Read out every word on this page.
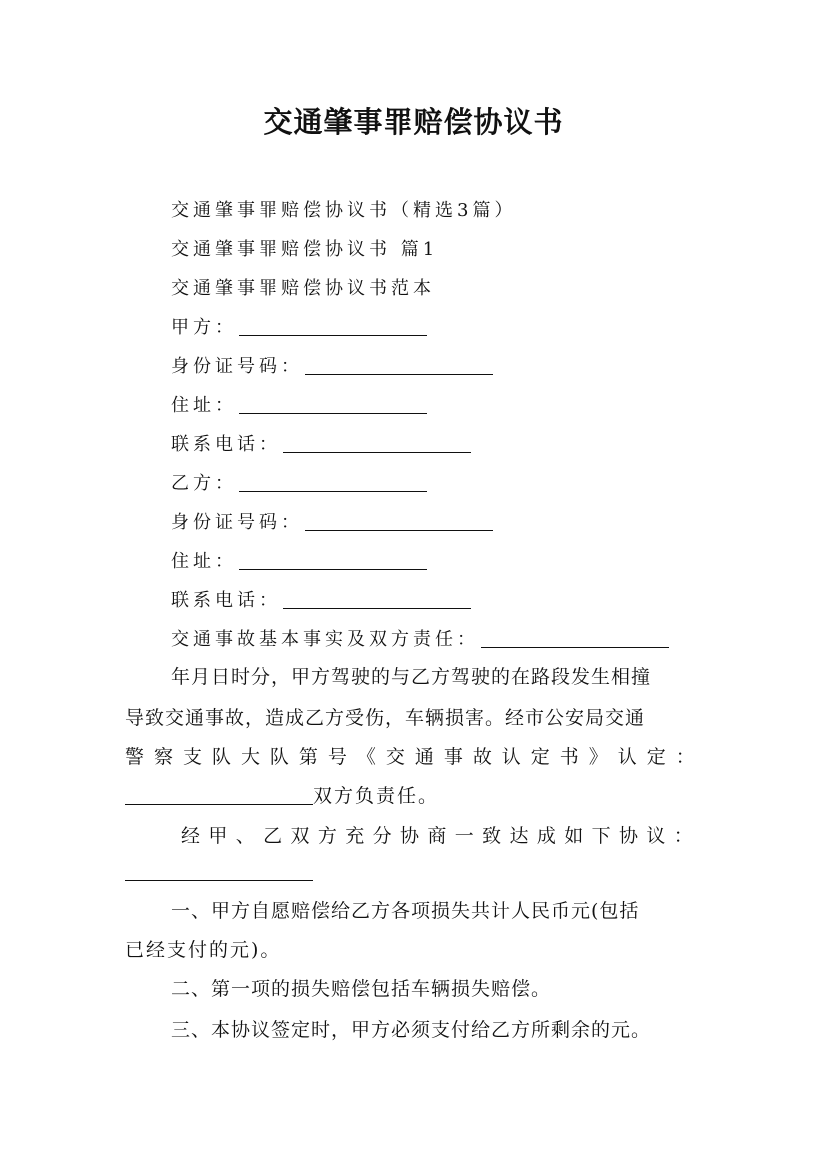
交通肇事罪赔偿协议书
交通肇事罪赔偿协议书（精选3篇）
交通肇事罪赔偿协议书 篇1
交通肇事罪赔偿协议书范本
甲方：
身份证号码：
住址：
联系电话：
乙方：
身份证号码：
住址：
联系电话：
交通事故基本事实及双方责任：
年月日时分，甲方驾驶的与乙方驾驶的在路段发生相撞
导致交通事故，造成乙方受伤，车辆损害。经市公安局交通
警 察 支 队 大 队 第 号 《 交 通 事 故 认 定 书 》 认 定 ：
双方负责任。
经 甲 、 乙 双 方 充 分 协 商 一 致 达 成 如 下 协 议 ：
一、甲方自愿赔偿给乙方各项损失共计人民币元(包括
已经支付的元)。
二、第一项的损失赔偿包括车辆损失赔偿。
三、本协议签定时，甲方必须支付给乙方所剩余的元。
